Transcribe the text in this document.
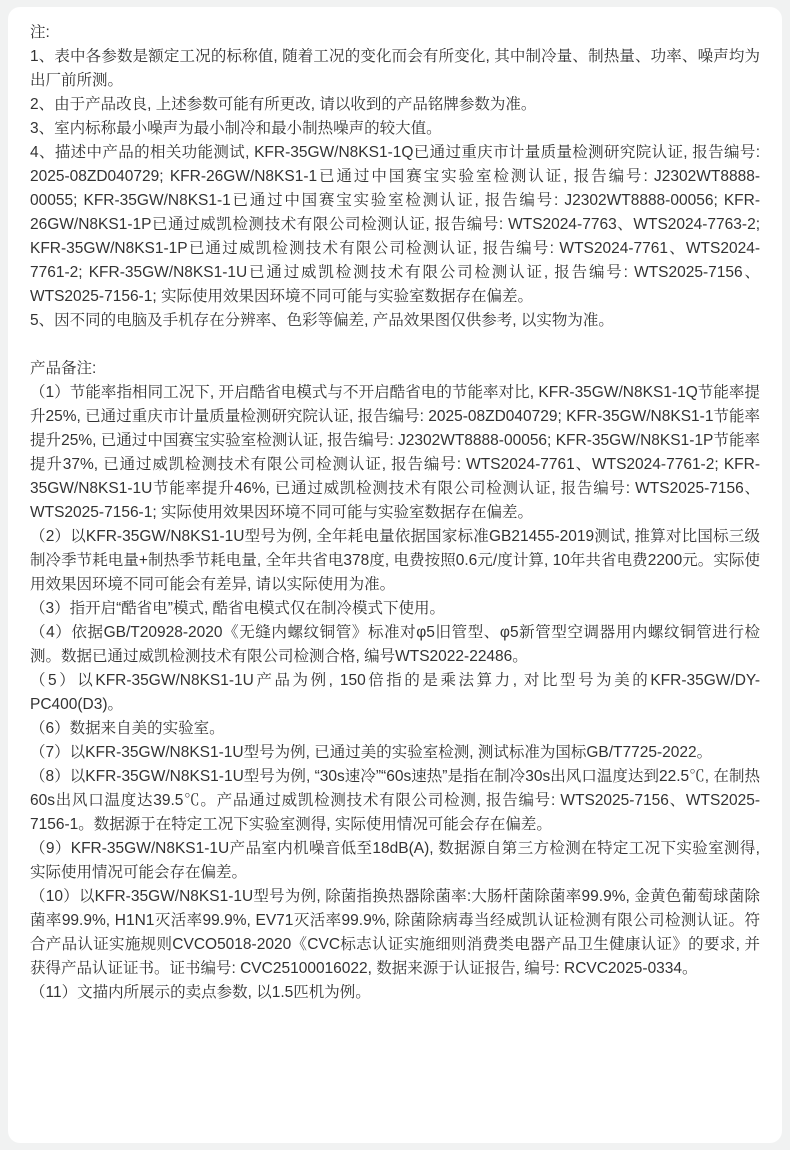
注:

1、表中各参数是额定工况的标称值, 随着工况的变化而会有所变化, 其中制冷量、制热量、功率、噪声均为出厂前所测。

2、由于产品改良, 上述参数可能有所更改, 请以收到的产品铭牌参数为准。

3、室内标称最小噪声为最小制冷和最小制热噪声的较大值。

4、描述中产品的相关功能测试, KFR-35GW/N8KS1-1Q已通过重庆市计量质量检测研究院认证, 报告编号: 2025-08ZD040729; KFR-26GW/N8KS1-1已通过中国赛宝实验室检测认证, 报告编号: J2302WT8888-00055; KFR-35GW/N8KS1-1已通过中国赛宝实验室检测认证, 报告编号: J2302WT8888-00056; KFR-26GW/N8KS1-1P已通过威凯检测技术有限公司检测认证, 报告编号: WTS2024-7763、WTS2024-7763-2; KFR-35GW/N8KS1-1P已通过威凯检测技术有限公司检测认证, 报告编号: WTS2024-7761、WTS2024-7761-2; KFR-35GW/N8KS1-1U已通过威凯检测技术有限公司检测认证, 报告编号: WTS2025-7156、WTS2025-7156-1; 实际使用效果因环境不同可能与实验室数据存在偏差。

5、因不同的电脑及手机存在分辨率、色彩等偏差, 产品效果图仅供参考, 以实物为准。

产品备注:

（1）节能率指相同工况下, 开启酷省电模式与不开启酷省电的节能率对比, KFR-35GW/N8KS1-1Q节能率提升25%, 已通过重庆市计量质量检测研究院认证, 报告编号: 2025-08ZD040729; KFR-35GW/N8KS1-1节能率提升25%, 已通过中国赛宝实验室检测认证, 报告编号: J2302WT8888-00056; KFR-35GW/N8KS1-1P节能率提升37%, 已通过威凯检测技术有限公司检测认证, 报告编号: WTS2024-7761、WTS2024-7761-2; KFR-35GW/N8KS1-1U节能率提升46%, 已通过威凯检测技术有限公司检测认证, 报告编号: WTS2025-7156、WTS2025-7156-1; 实际使用效果因环境不同可能与实验室数据存在偏差。

（2）以KFR-35GW/N8KS1-1U型号为例, 全年耗电量依据国家标准GB21455-2019测试, 推算对比国标三级制冷季节耗电量+制热季节耗电量, 全年共省电378度, 电费按照0.6元/度计算, 10年共省电费2200元。实际使用效果因环境不同可能会有差异, 请以实际使用为准。

（3）指开启“酷省电”模式, 酷省电模式仅在制冷模式下使用。

（4）依据GB/T20928-2020《无缝内螺纹铜管》标准对φ5旧管型、φ5新管型空调器用内螺纹铜管进行检测。数据已通过威凯检测技术有限公司检测合格, 编号WTS2022-22486。

（5）以KFR-35GW/N8KS1-1U产品为例, 150倍指的是乘法算力, 对比型号为美的KFR-35GW/DY-PC400(D3)。

（6）数据来自美的实验室。

（7）以KFR-35GW/N8KS1-1U型号为例, 已通过美的实验室检测, 测试标准为国标GB/T7725-2022。

（8）以KFR-35GW/N8KS1-1U型号为例, “30s速冷”“60s速热”是指在制冷30s出风口温度达到22.5℃, 在制热60s出风口温度达39.5℃。产品通过威凯检测技术有限公司检测, 报告编号: WTS2025-7156、WTS2025-7156-1。数据源于在特定工况下实验室测得, 实际使用情况可能会存在偏差。

（9）KFR-35GW/N8KS1-1U产品室内机噪音低至18dB(A), 数据源自第三方检测在特定工况下实验室测得, 实际使用情况可能会存在偏差。

（10）以KFR-35GW/N8KS1-1U型号为例, 除菌指换热器除菌率:大肠杆菌除菌率99.9%, 金黄色葡萄球菌除菌率99.9%, H1N1灭活率99.9%, EV71灭活率99.9%, 除菌除病毒当经威凯认证检测有限公司检测认证。符合产品认证实施规则CVCO5018-2020《CVC标志认证实施细则消费类电器产品卫生健康认证》的要求, 并获得产品认证证书。证书编号: CVC25100016022, 数据来源于认证报告, 编号: RCVC2025-0334。

（11）文描内所展示的卖点参数, 以1.5匹机为例。
